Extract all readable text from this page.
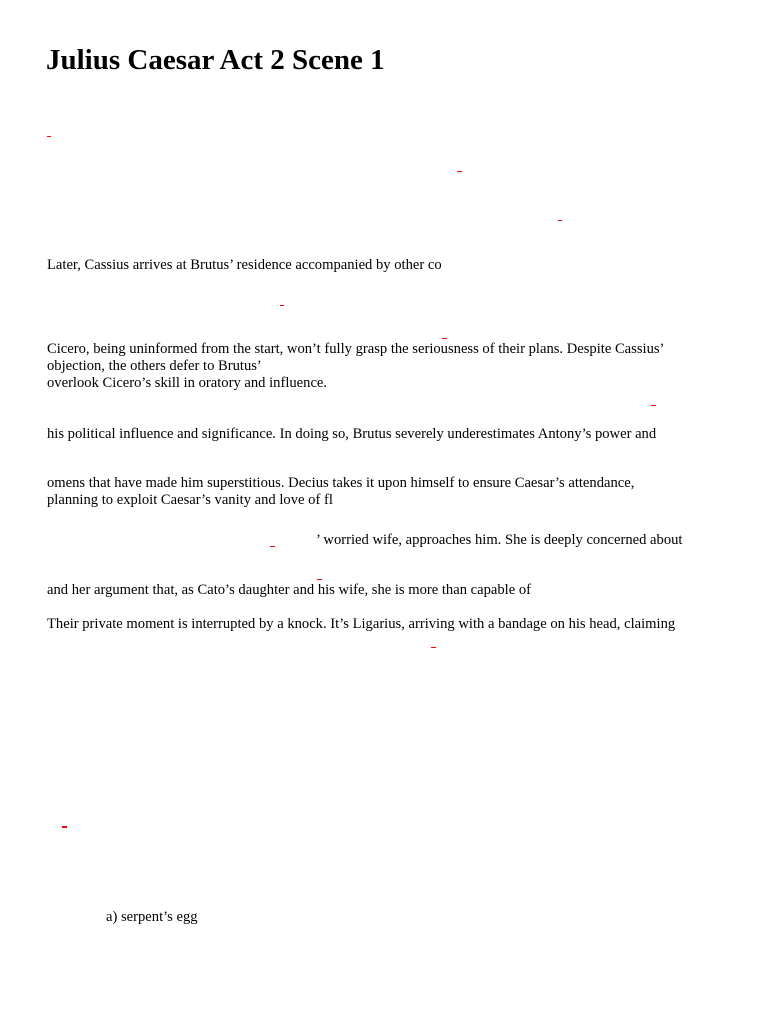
Julius Caesar Act 2 Scene 1

Later, Cassius arrives at Brutus’ residence accompanied by other co

Cicero, being uninformed from the start, won’t fully grasp the seriousness of their plans. Despite Cassius’

objection, the others defer to Brutus’

overlook Cicero’s skill in oratory and influence.

his political influence and significance. In doing so, Brutus severely underestimates Antony’s power and

omens that have made him superstitious. Decius takes it upon himself to ensure Caesar’s attendance,

planning to exploit Caesar’s vanity and love of fl

’ worried wife, approaches him. She is deeply concerned about

and her argument that, as Cato’s daughter and his wife, she is more than capable of

Their private moment is interrupted by a knock. It’s Ligarius, arriving with a bandage on his head, claiming

a) serpent’s egg
